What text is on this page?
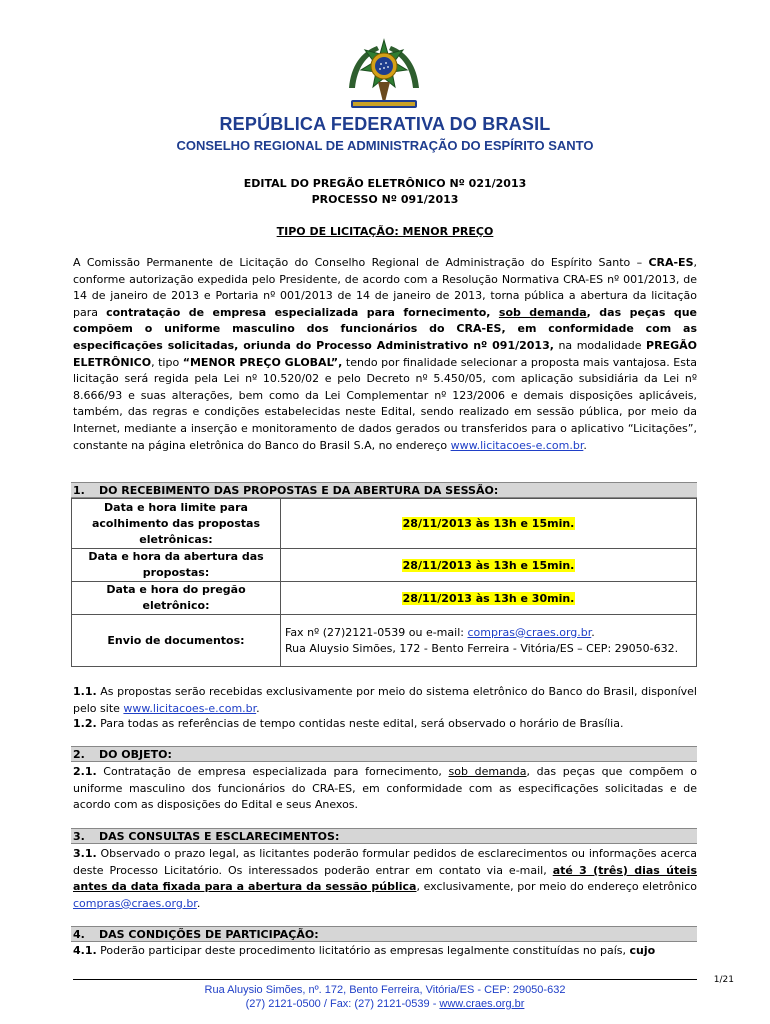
REPÚBLICA FEDERATIVA DO BRASIL
CONSELHO REGIONAL DE ADMINISTRAÇÃO DO ESPÍRITO SANTO
EDITAL DO PREGÃO ELETRÔNICO Nº 021/2013
PROCESSO Nº 091/2013
TIPO DE LICITAÇÃO: MENOR PREÇO
A Comissão Permanente de Licitação do Conselho Regional de Administração do Espírito Santo – CRA-ES, conforme autorização expedida pelo Presidente, de acordo com a Resolução Normativa CRA-ES nº 001/2013, de 14 de janeiro de 2013 e Portaria nº 001/2013 de 14 de janeiro de 2013, torna pública a abertura da licitação para contratação de empresa especializada para fornecimento, sob demanda, das peças que compõem o uniforme masculino dos funcionários do CRA-ES, em conformidade com as especificações solicitadas, oriunda do Processo Administrativo nº 091/2013, na modalidade PREGÃO ELETRÔNICO, tipo “MENOR PREÇO GLOBAL”, tendo por finalidade selecionar a proposta mais vantajosa. Esta licitação será regida pela Lei nº 10.520/02 e pelo Decreto nº 5.450/05, com aplicação subsidiária da Lei nº 8.666/93 e suas alterações, bem como da Lei Complementar nº 123/2006 e demais disposições aplicáveis, também, das regras e condições estabelecidas neste Edital, sendo realizado em sessão pública, por meio da Internet, mediante a inserção e monitoramento de dados gerados ou transferidos para o aplicativo “Licitações”, constante na página eletrônica do Banco do Brasil S.A, no endereço www.licitacoes-e.com.br.
1. DO RECEBIMENTO DAS PROPOSTAS E DA ABERTURA DA SESSÃO:
Data e hora limite para acolhimento das propostas eletrônicas:	28/11/2013 às 13h e 15min.
Data e hora da abertura das propostas:	28/11/2013 às 13h e 15min.
Data e hora do pregão eletrônico:	28/11/2013 às 13h e 30min.
Envio de documentos:	Fax nº (27)2121-0539 ou e-mail: compras@craes.org.br.
Rua Aluysio Simões, 172 - Bento Ferreira - Vitória/ES – CEP: 29050-632.
1.1. As propostas serão recebidas exclusivamente por meio do sistema eletrônico do Banco do Brasil, disponível pelo site www.licitacoes-e.com.br.
1.2. Para todas as referências de tempo contidas neste edital, será observado o horário de Brasília.
2. DO OBJETO:
2.1. Contratação de empresa especializada para fornecimento, sob demanda, das peças que compõem o uniforme masculino dos funcionários do CRA-ES, em conformidade com as especificações solicitadas e de acordo com as disposições do Edital e seus Anexos.
3. DAS CONSULTAS E ESCLARECIMENTOS:
3.1. Observado o prazo legal, as licitantes poderão formular pedidos de esclarecimentos ou informações acerca deste Processo Licitatório. Os interessados poderão entrar em contato via e-mail, até 3 (três) dias úteis antes da data fixada para a abertura da sessão pública, exclusivamente, por meio do endereço eletrônico compras@craes.org.br.
4. DAS CONDIÇÕES DE PARTICIPAÇÃO:
4.1. Poderão participar deste procedimento licitatório as empresas legalmente constituídas no país, cujo
1/21
Rua Aluysio Simões, nº. 172, Bento Ferreira, Vitória/ES - CEP: 29050-632
(27) 2121-0500 / Fax: (27) 2121-0539 - www.craes.org.br
